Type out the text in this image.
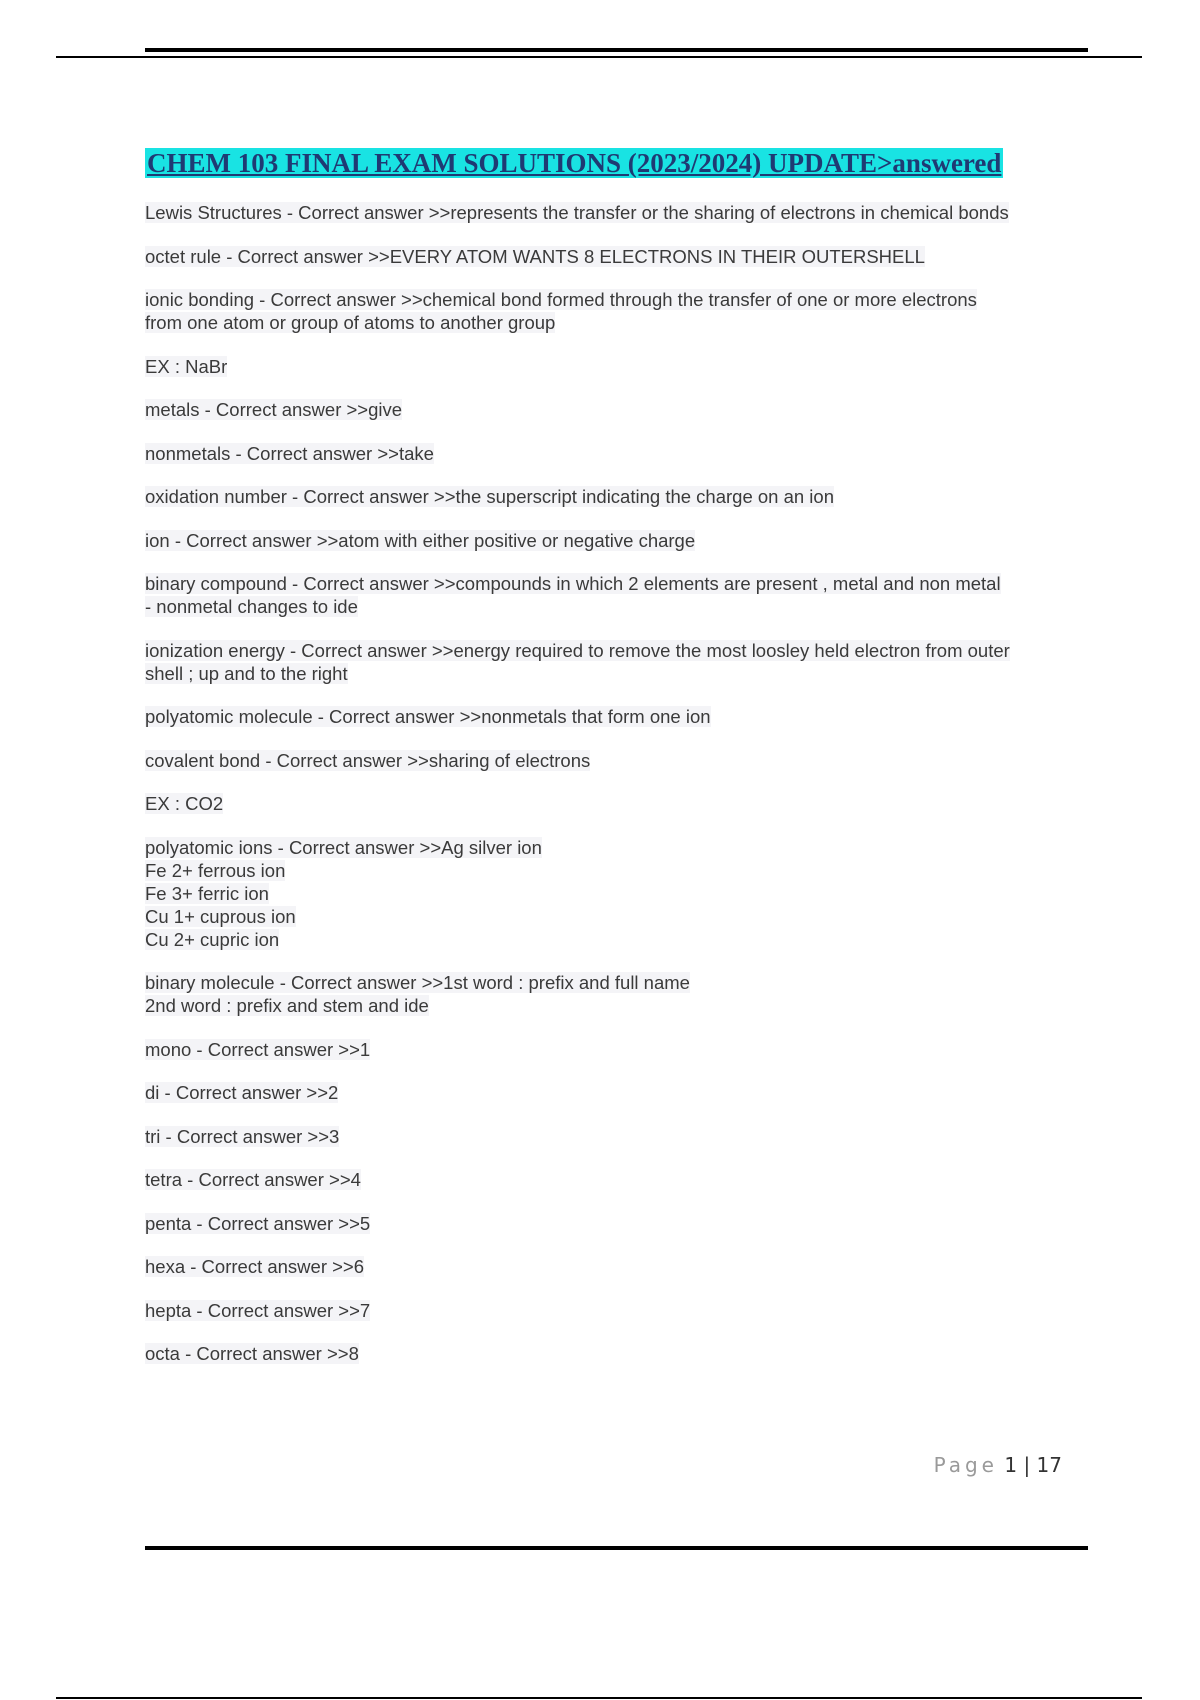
CHEM 103 FINAL EXAM SOLUTIONS (2023/2024) UPDATE>answered

Lewis Structures - Correct answer >>represents the transfer or the sharing of electrons in chemical bonds

octet rule - Correct answer >>EVERY ATOM WANTS 8 ELECTRONS IN THEIR OUTERSHELL

ionic bonding - Correct answer >>chemical bond formed through the transfer of one or more electrons
from one atom or group of atoms to another group

EX : NaBr

metals - Correct answer >>give

nonmetals - Correct answer >>take

oxidation number - Correct answer >>the superscript indicating the charge on an ion

ion - Correct answer >>atom with either positive or negative charge

binary compound - Correct answer >>compounds in which 2 elements are present , metal and non metal
- nonmetal changes to ide

ionization energy - Correct answer >>energy required to remove the most loosley held electron from outer
shell ; up and to the right

polyatomic molecule - Correct answer >>nonmetals that form one ion

covalent bond - Correct answer >>sharing of electrons

EX : CO2

polyatomic ions - Correct answer >>Ag silver ion
Fe 2+ ferrous ion
Fe 3+ ferric ion
Cu 1+ cuprous ion
Cu 2+ cupric ion

binary molecule - Correct answer >>1st word : prefix and full name
2nd word : prefix and stem and ide

mono - Correct answer >>1

di - Correct answer >>2

tri - Correct answer >>3

tetra - Correct answer >>4

penta - Correct answer >>5

hexa - Correct answer >>6

hepta - Correct answer >>7

octa - Correct answer >>8

Page 1 | 17
